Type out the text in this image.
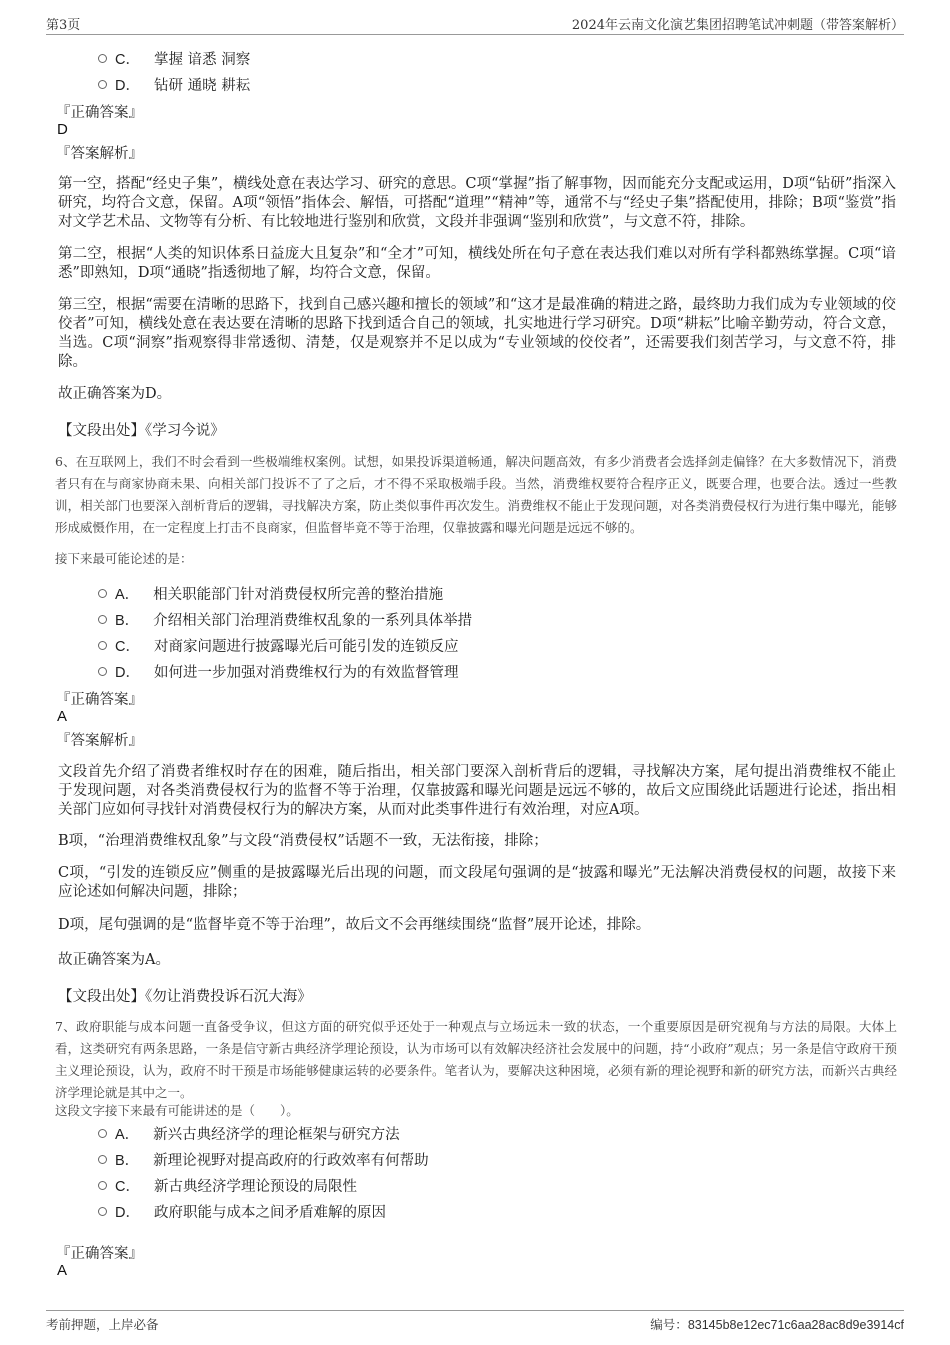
第3页	2024年云南文化演艺集团招聘笔试冲刺题（带答案解析）
C． 掌握 谙悉 洞察
D． 钻研 通晓 耕耘
『正确答案』
D
『答案解析』
第一空，搭配“经史子集”，横线处意在表达学习、研究的意思。C项“掌握”指了解事物，因而能充分支配或运用，D项“钻研”指深入研究，均符合文意，保留。A项“领悟”指体会、解悟，可搭配“道理”“精神”等，通常不与“经史子集”搭配使用，排除；B项“鉴赏”指对文学艺术品、文物等有分析、有比较地进行鉴别和欣赏，文段并非强调“鉴别和欣赏”，与文意不符，排除。
第二空，根据“人类的知识体系日益庞大且复杂”和“全才”可知，横线处所在句子意在表达我们难以对所有学科都熟练掌握。C项“谙悉”即熟知，D项“通晓”指透彻地了解，均符合文意，保留。
第三空，根据“需要在清晰的思路下，找到自己感兴趣和擅长的领域”和“这才是最准确的精进之路，最终助力我们成为专业领域的佼佼者”可知，横线处意在表达要在清晰的思路下找到适合自己的领域，扎实地进行学习研究。D项“耕耘”比喻辛勤劳动，符合文意，当选。C项“洞察”指观察得非常透彻、清楚，仅是观察并不足以成为“专业领域的佼佼者”，还需要我们刻苦学习，与文意不符，排除。
故正确答案为D。
【文段出处】《学习今说》
6、在互联网上，我们不时会看到一些极端维权案例。试想，如果投诉渠道畅通，解决问题高效，有多少消费者会选择剑走偏锋？在大多数情况下，消费者只有在与商家协商未果、向相关部门投诉不了了之后，才不得不采取极端手段。当然，消费维权要符合程序正义，既要合理，也要合法。透过一些教训，相关部门也要深入剖析背后的逻辑，寻找解决方案，防止类似事件再次发生。消费维权不能止于发现问题，对各类消费侵权行为进行集中曝光，能够形成威慑作用，在一定程度上打击不良商家，但监督毕竟不等于治理，仅靠披露和曝光问题是远远不够的。
接下来最可能论述的是：
A． 相关职能部门针对消费侵权所完善的整治措施
B． 介绍相关部门治理消费维权乱象的一系列具体举措
C． 对商家问题进行披露曝光后可能引发的连锁反应
D． 如何进一步加强对消费维权行为的有效监督管理
『正确答案』
A
『答案解析』
文段首先介绍了消费者维权时存在的困难，随后指出，相关部门要深入剖析背后的逻辑，寻找解决方案，尾句提出消费维权不能止于发现问题，对各类消费侵权行为的监督不等于治理，仅靠披露和曝光问题是远远不够的，故后文应围绕此话题进行论述，指出相关部门应如何寻找针对消费侵权行为的解决方案，从而对此类事件进行有效治理，对应A项。
B项，“治理消费维权乱象”与文段“消费侵权”话题不一致，无法衔接，排除；
C项，“引发的连锁反应”侧重的是披露曝光后出现的问题，而文段尾句强调的是“披露和曝光”无法解决消费侵权的问题，故接下来应论述如何解决问题，排除；
D项，尾句强调的是“监督毕竟不等于治理”，故后文不会再继续围绕“监督”展开论述，排除。
故正确答案为A。
【文段出处】《勿让消费投诉石沉大海》
7、政府职能与成本问题一直备受争议，但这方面的研究似乎还处于一种观点与立场远未一致的状态，一个重要原因是研究视角与方法的局限。大体上看，这类研究有两条思路，一条是信守新古典经济学理论预设，认为市场可以有效解决经济社会发展中的问题，持“小政府”观点；另一条是信守政府干预主义理论预设，认为，政府不时干预是市场能够健康运转的必要条件。笔者认为，要解决这种困境，必须有新的理论视野和新的研究方法，而新兴古典经济学理论就是其中之一。
这段文字接下来最有可能讲述的是（　　）。
A． 新兴古典经济学的理论框架与研究方法
B． 新理论视野对提高政府的行政效率有何帮助
C． 新古典经济学理论预设的局限性
D． 政府职能与成本之间矛盾难解的原因
『正确答案』
A
考前押题，上岸必备	编号：83145b8e12ec71c6aa28ac8d9e3914cf
